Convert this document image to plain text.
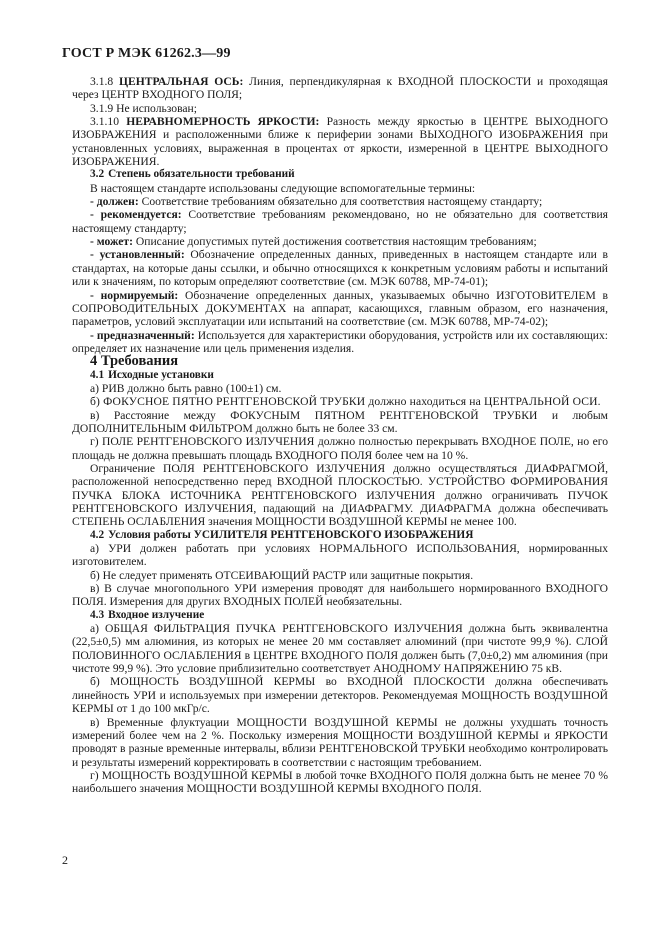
ГОСТ Р МЭК 61262.3—99

3.1.8 ЦЕНТРАЛЬНАЯ ОСЬ: Линия, перпендикулярная к ВХОДНОЙ ПЛОСКОСТИ и проходящая через ЦЕНТР ВХОДНОГО ПОЛЯ;

3.1.9 Не использован;

3.1.10 НЕРАВНОМЕРНОСТЬ ЯРКОСТИ: Разность между яркостью в ЦЕНТРЕ ВЫХОДНОГО ИЗОБРАЖЕНИЯ и расположенными ближе к периферии зонами ВЫХОДНОГО ИЗОБРАЖЕНИЯ при установленных условиях, выраженная в процентах от яркости, измеренной в ЦЕНТРЕ ВЫХОДНОГО ИЗОБРАЖЕНИЯ.

3.2 Степень обязательности требований

В настоящем стандарте использованы следующие вспомогательные термины:

- должен: Соответствие требованиям обязательно для соответствия настоящему стандарту;

- рекомендуется: Соответствие требованиям рекомендовано, но не обязательно для соответствия настоящему стандарту;

- может: Описание допустимых путей достижения соответствия настоящим требованиям;

- установленный: Обозначение определенных данных, приведенных в настоящем стандарте или в стандартах, на которые даны ссылки, и обычно относящихся к конкретным условиям работы и испытаний или к значениям, по которым определяют соответствие (см. МЭК 60788, МР-74-01);

- нормируемый: Обозначение определенных данных, указываемых обычно ИЗГОТОВИТЕЛЕМ в СОПРОВОДИТЕЛЬНЫХ ДОКУМЕНТАХ на аппарат, касающихся, главным образом, его назначения, параметров, условий эксплуатации или испытаний на соответствие (см. МЭК 60788, МР-74-02);

- предназначенный: Используется для характеристики оборудования, устройств или их составляющих: определяет их назначение или цель применения изделия.

4 Требования

4.1 Исходные установки

а) РИВ должно быть равно (100±1) см.

б) ФОКУСНОЕ ПЯТНО РЕНТГЕНОВСКОЙ ТРУБКИ должно находиться на ЦЕНТРАЛЬНОЙ ОСИ.

в) Расстояние между ФОКУСНЫМ ПЯТНОМ РЕНТГЕНОВСКОЙ ТРУБКИ и любым ДОПОЛНИТЕЛЬНЫМ ФИЛЬТРОМ должно быть не более 33 см.

г) ПОЛЕ РЕНТГЕНОВСКОГО ИЗЛУЧЕНИЯ должно полностью перекрывать ВХОДНОЕ ПОЛЕ, но его площадь не должна превышать площадь ВХОДНОГО ПОЛЯ более чем на 10 %.

Ограничение ПОЛЯ РЕНТГЕНОВСКОГО ИЗЛУЧЕНИЯ должно осуществляться ДИАФРАГМОЙ, расположенной непосредственно перед ВХОДНОЙ ПЛОСКОСТЬЮ. УСТРОЙСТВО ФОРМИРОВАНИЯ ПУЧКА БЛОКА ИСТОЧНИКА РЕНТГЕНОВСКОГО ИЗЛУЧЕНИЯ должно ограничивать ПУЧОК РЕНТГЕНОВСКОГО ИЗЛУЧЕНИЯ, падающий на ДИАФРАГМУ. ДИАФРАГМА должна обеспечивать СТЕПЕНЬ ОСЛАБЛЕНИЯ значения МОЩНОСТИ ВОЗДУШНОЙ КЕРМЫ не менее 100.

4.2 Условия работы УСИЛИТЕЛЯ РЕНТГЕНОВСКОГО ИЗОБРАЖЕНИЯ

а) УРИ должен работать при условиях НОРМАЛЬНОГО ИСПОЛЬЗОВАНИЯ, нормированных изготовителем.

б) Не следует применять ОТСЕИВАЮЩИЙ РАСТР или защитные покрытия.

в) В случае многопольного УРИ измерения проводят для наибольшего нормированного ВХОДНОГО ПОЛЯ. Измерения для других ВХОДНЫХ ПОЛЕЙ необязательны.

4.3 Входное излучение

а) ОБЩАЯ ФИЛЬТРАЦИЯ ПУЧКА РЕНТГЕНОВСКОГО ИЗЛУЧЕНИЯ должна быть эквивалентна (22,5±0,5) мм алюминия, из которых не менее 20 мм составляет алюминий (при чистоте 99,9 %). СЛОЙ ПОЛОВИННОГО ОСЛАБЛЕНИЯ в ЦЕНТРЕ ВХОДНОГО ПОЛЯ должен быть (7,0±0,2) мм алюминия (при чистоте 99,9 %). Это условие приблизительно соответствует АНОДНОМУ НАПРЯЖЕНИЮ 75 кВ.

б) МОЩНОСТЬ ВОЗДУШНОЙ КЕРМЫ во ВХОДНОЙ ПЛОСКОСТИ должна обеспечивать линейность УРИ и используемых при измерении детекторов. Рекомендуемая МОЩНОСТЬ ВОЗДУШНОЙ КЕРМЫ от 1 до 100 мкГр/с.

в) Временные флуктуации МОЩНОСТИ ВОЗДУШНОЙ КЕРМЫ не должны ухудшать точность измерений более чем на 2 %. Поскольку измерения МОЩНОСТИ ВОЗДУШНОЙ КЕРМЫ и ЯРКОСТИ проводят в разные временные интервалы, вблизи РЕНТГЕНОВСКОЙ ТРУБКИ необходимо контролировать и результаты измерений корректировать в соответствии с настоящим требованием.

г) МОЩНОСТЬ ВОЗДУШНОЙ КЕРМЫ в любой точке ВХОДНОГО ПОЛЯ должна быть не менее 70 % наибольшего значения МОЩНОСТИ ВОЗДУШНОЙ КЕРМЫ ВХОДНОГО ПОЛЯ.

2
